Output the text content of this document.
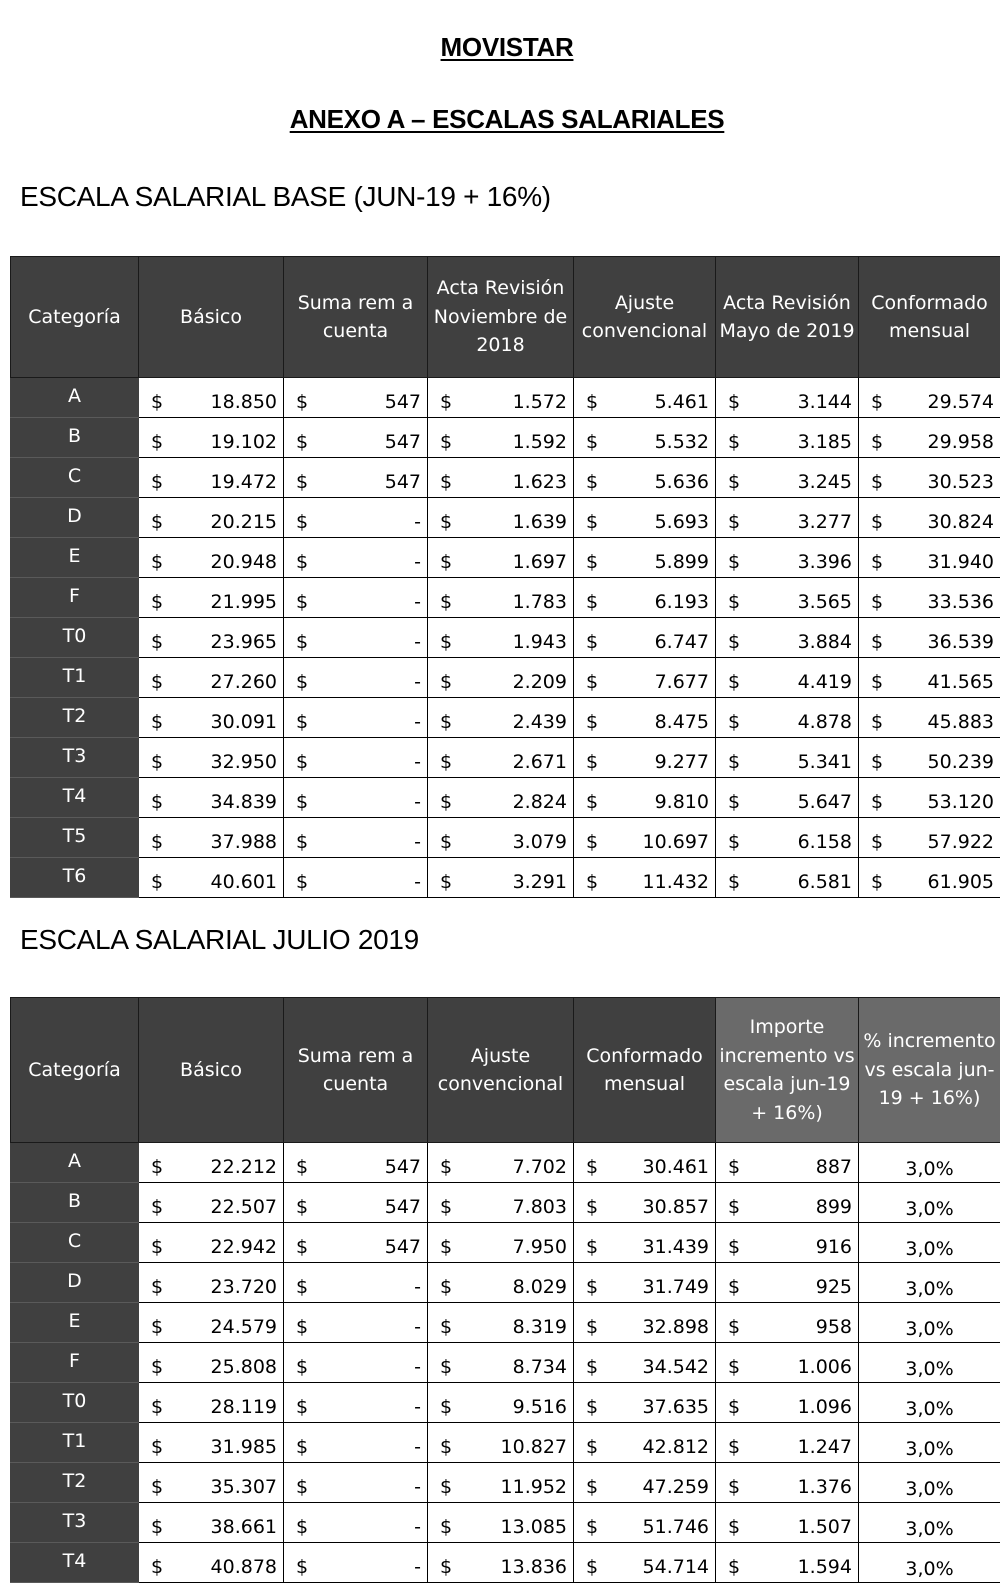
MOVISTAR
ANEXO A – ESCALAS SALARIALES
ESCALA SALARIAL BASE (JUN-19 + 16%)
Categoría	Básico	Suma rem a cuenta	Acta Revisión Noviembre de 2018	Ajuste convencional	Acta Revisión Mayo de 2019	Conformado mensual
A	$ 18.850	$ 547	$ 1.572	$ 5.461	$ 3.144	$ 29.574

B	$ 19.102	$ 547	$ 1.592	$ 5.532	$ 3.185	$ 29.958

C	$ 19.472	$ 547	$ 1.623	$ 5.636	$ 3.245	$ 30.523

D	$ 20.215	$ -	$ 1.639	$ 5.693	$ 3.277	$ 30.824

E	$ 20.948	$ -	$ 1.697	$ 5.899	$ 3.396	$ 31.940

F	$ 21.995	$ -	$ 1.783	$ 6.193	$ 3.565	$ 33.536

T0	$ 23.965	$ -	$ 1.943	$ 6.747	$ 3.884	$ 36.539

T1	$ 27.260	$ -	$ 2.209	$ 7.677	$ 4.419	$ 41.565

T2	$ 30.091	$ -	$ 2.439	$ 8.475	$ 4.878	$ 45.883

T3	$ 32.950	$ -	$ 2.671	$ 9.277	$ 5.341	$ 50.239

T4	$ 34.839	$ -	$ 2.824	$ 9.810	$ 5.647	$ 53.120

T5	$ 37.988	$ -	$ 3.079	$ 10.697	$ 6.158	$ 57.922

T6	$ 40.601	$ -	$ 3.291	$ 11.432	$ 6.581	$ 61.905
ESCALA SALARIAL JULIO 2019
Categoría	Básico	Suma rem a cuenta	Ajuste convencional	Conformado mensual	Importe incremento vs escala jun-19 + 16%)	% incremento vs escala jun-19 + 16%)
A	$ 22.212	$ 547	$ 7.702	$ 30.461	$ 887	3,0%
B	$ 22.507	$ 547	$ 7.803	$ 30.857	$ 899	3,0%
C	$ 22.942	$ 547	$ 7.950	$ 31.439	$ 916	3,0%
D	$ 23.720	$ -	$ 8.029	$ 31.749	$ 925	3,0%
E	$ 24.579	$ -	$ 8.319	$ 32.898	$ 958	3,0%
F	$ 25.808	$ -	$ 8.734	$ 34.542	$ 1.006	3,0%
T0	$ 28.119	$ -	$ 9.516	$ 37.635	$ 1.096	3,0%
T1	$ 31.985	$ -	$ 10.827	$ 42.812	$ 1.247	3,0%
T2	$ 35.307	$ -	$ 11.952	$ 47.259	$ 1.376	3,0%
T3	$ 38.661	$ -	$ 13.085	$ 51.746	$ 1.507	3,0%
T4	$ 40.878	$ -	$ 13.836	$ 54.714	$ 1.594	3,0%
